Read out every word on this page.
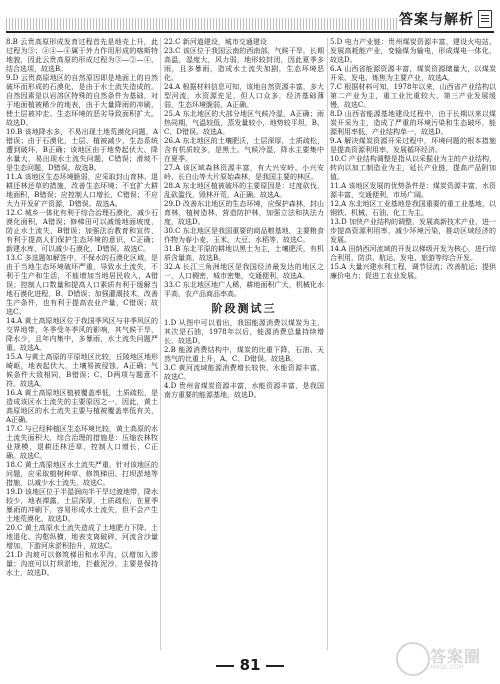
答案与解析

8.B 云贵高原形成发育过程首先是地壳上升，此过程为③；④④—④属于外力作用形成的喀斯特地貌，因此云贵高原的形成过程为③—②—④，结合选项，故选B。

9.D 云贵高原地区的自然原因即是地面上的自然破坏而形成的石漠化，是由于水土流失造成的。自然因素是以岩溶区特殊的自然条件为基础，对于地面植被稀少的地表，由于大量降雨的冲刷，使土层被冲走。生态环境的恶劣导致面积扩大。故选D。

10.B 该地降水多，不易出现土地荒漠化问题，A错误；由于石漠化，土层、植被减少，生态系统遭到破坏，B正确；该地区由于地势起伏大、降水量大，易出现水土流失问题，C错误；滑坡不是生态问题，D错误。故选B。

11.A 该地区生态环境脆弱，应采取封山育林、退耕还林还草的措施，改善生态环境；不宜扩大耕地面积，B错误；应控制人口增长，C错误；不应大力开发矿产资源，D错误。故选A。

12.C 城乡一体化有利于综合治理石漠化，减少石漠化面积，A错误；修梯田可以减缓地面坡度，防止水土流失，B错误；加强法治教育和宣传，有利于提高人们保护生态环境的意识，C正确；新建水库，可以减少石漠化，D错误。故选C。

13.C 多选题如解答中，不保水的石漠化区域，是由于当地生态环境破坏严重，导致水土流失，不利于生产和生活，不能增加当地居民收入，A错误；控制人口数量和提高人口素质有利于缓解当地石漠化进程，B、D错误；加强灌溉技术，改善生产条件，也有利于提高农业产量，C错误；故选C。

14.A 黄土高原地区位于我国季风区与非季风区的交界地带，冬季受冬季风的影响，其气候干旱，降水少，且年内集中，多暴雨，水土流失问题严重。故选A。

15.A 与黄土高原的平原地区比较，丘陵地区地形崎岖，地表起伏大，土壤易被侵蚀，A正确；气候条件大致相同，B错误；C、D两项与题意不符。故选A。

16.A 黄土高原地区植被覆盖率低，土质疏松，是造成该区水土流失的主要原因之一，因此，黄土高原地区的水土流失主要与植被覆盖率低有关，A正确。

17.C 与已经种植区生态环境比较，黄土高原的水土流失面积大，综合治理的措施是：压缩农林牧业规模，退耕还林还草，控制人口增长，C正确。故选C。

18.C 黄土高原地区水土流失严重，针对该地区的问题，应采取植树种草、修筑梯田、打坝淤地等措施，以减少水土流失。故选C。

19.D 该地区位于半湿润向半干旱过渡地带，降水较少，地表裸露，土层深厚，土质疏松，在夏季暴雨的冲刷下，容易形成水土流失，但不会产生土地荒漠化，故选D。

20.C 黄土高原水土流失造成了土地肥力下降、土地退化、沟壑纵横，地表支离破碎，河流含沙量增加，下游河床淤积抬升，故选C。

21.D 沟坡可以修筑梯田和水平沟，以增加入渗量；沟底可以打坝淤地，拦截泥沙，主要是保持水土，故选D。

22.C 新河道建设，城市交通建设

23.C 该区位于我国云南的西南部，气候干旱，长期高温，湿度大，风力弱，地形较封闭，因此夏季多雨，且多暴雨，造成水土流失加剧，生态环境恶化。

24.A 根据材料信息可知，该地自然资源丰富，多大型河流，水资源充足，但人口众多，经济基础薄弱，生态环境脆弱，A正确。

25.A 东北地区的大部分地区气候冷湿，A正确；雨热同期，气温较低，蒸发量较小，地势较平坦，B、C、D错误。故选A。

26.A 东北地区的土壤肥沃，土层深厚，土质疏松，含有机质较多，是黑土。气候冷湿，降水主要集中在夏季。

27.A 该区域森林资源丰富，有大兴安岭、小兴安岭、长白山等大片原始森林，是我国主要的林区。

28.A 东北地区植被破坏的主要原因是：过度砍伐，乱砍滥伐，毁林开荒，A正确。故选A。

29.D 改善东北地区的生态环境，应保护森林，封山育林，植树造林，营造防护林，加强立法和执法力度，故选D。

30.C 东北地区是我国重要的商品粮基地，主要粮食作物为春小麦、玉米、大豆、水稻等，故选C。

31.B 东北平原的耕地以黑土为主，土壤肥沃，有机质含量高，故选B。

32.A 长江三角洲地区是我国经济最发达的地区之一，人口稠密，城市密集，交通便利，故选A。

33.C 东北地区地广人稀，耕地面积广大，机械化水平高，农产品商品率高。

阶段测试三

1.D 从图中可以看出，我国能源消费以煤炭为主，其次是石油，1978年以后，能源消费总量持续增长，故选D。

2.B 能源消费结构中，煤炭的比重下降，石油、天然气的比重上升，A、C、D错误。故选B。

3.C 黄河流域能源消费增长较快，水能资源丰富，故选C。

4.D 贵州省煤炭资源丰富，水能资源丰富，是我国南方重要的能源基地，故选D。

5.D 电力产业链：贵州煤炭资源丰富，建设火电站，发展高耗能产业，变输煤为输电，形成煤电一体化，故选D。

6.A 山西省能源资源丰富，煤炭资源储量大，以煤炭开采、发电、炼焦为主要产业，故选A。

7.C 根据材料可知，1978年以来，山西省产业结构以第二产业为主，重工业比重较大，第三产业发展缓慢，故选C。

8.D 山西省能源基地建设过程中，由于长期以来以煤炭开采为主，造成了严重的环境污染和生态破坏，能源利用率低，产业结构单一，故选D。

9.A 解决煤炭资源开采过程中，环境问题的根本措施是提高资源利用率，发展循环经济。

10.C 产业结构调整是指从以采掘业为主的产业结构，转向以加工制造业为主，延长产业链，提高产品附加值。

11.A 该地区发展的优势条件是：煤炭资源丰富，水资源丰富，交通便利，市场广阔。

12.A 东北地区工业基地是我国重要的重工业基地，以钢铁、机械、石油、化工为主。

13.D 加快产业结构的调整，发展高新技术产业，进一步提高资源利用率，减少环境污染，推动区域经济的发展。

14.A 田纳西河流域的开发以梯级开发为核心，进行综合利用，防洪、航运、发电、旅游等综合开发。

15.A 大量兴建水利工程，调节径流；改善航运；提供廉价电力；促进工农业发展。

81	答案圈
MXQE.COM
